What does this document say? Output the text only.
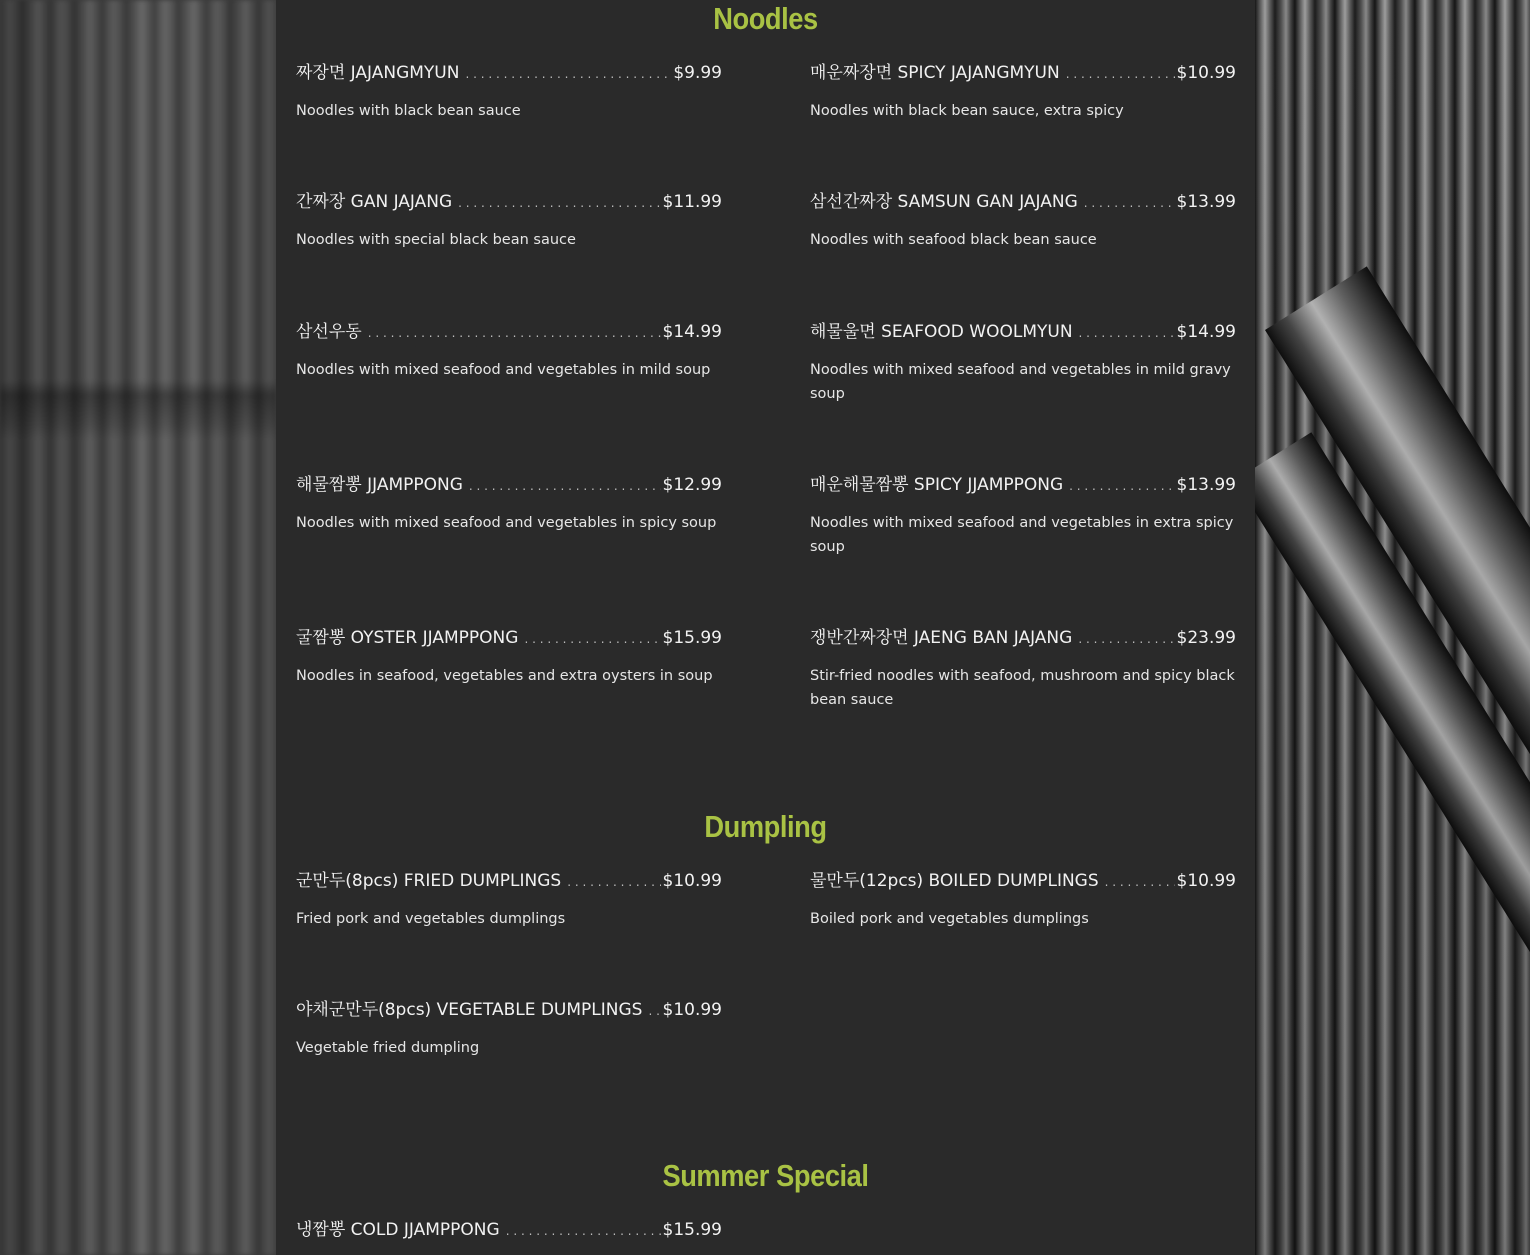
Noodles
짜장면 JAJANGMYUN . . .	$9.99
Noodles with black bean sauce
매운짜장면 SPICY JAJANGMYUN . . .	$10.99
Noodles with black bean sauce, extra spicy
간짜장 GAN JAJANG . . .	$11.99
Noodles with special black bean sauce
삼선간짜장 SAMSUN GAN JAJANG . . .	$13.99
Noodles with seafood black bean sauce
삼선우동 . . .	$14.99
Noodles with mixed seafood and vegetables in mild soup
해물울면 SEAFOOD WOOLMYUN . . .	$14.99
Noodles with mixed seafood and vegetables in mild gravy soup
해물짬뽕 JJAMPPONG . . .	$12.99
Noodles with mixed seafood and vegetables in spicy soup
매운해물짬뽕 SPICY JJAMPPONG . . .	$13.99
Noodles with mixed seafood and vegetables in extra spicy soup
굴짬뽕 OYSTER JJAMPPONG . . .	$15.99
Noodles in seafood, vegetables and extra oysters in soup
쟁반간짜장면 JAENG BAN JAJANG . . .	$23.99
Stir-fried noodles with seafood, mushroom and spicy black bean sauce
Dumpling
군만두(8pcs) FRIED DUMPLINGS . . .	$10.99
Fried pork and vegetables dumplings
물만두(12pcs) BOILED DUMPLINGS . . .	$10.99
Boiled pork and vegetables dumplings
야채군만두(8pcs) VEGETABLE DUMPLINGS . . . $10.99
Vegetable fried dumpling
Summer Special
냉짬뽕 COLD JJAMPPONG . . .	$15.99
